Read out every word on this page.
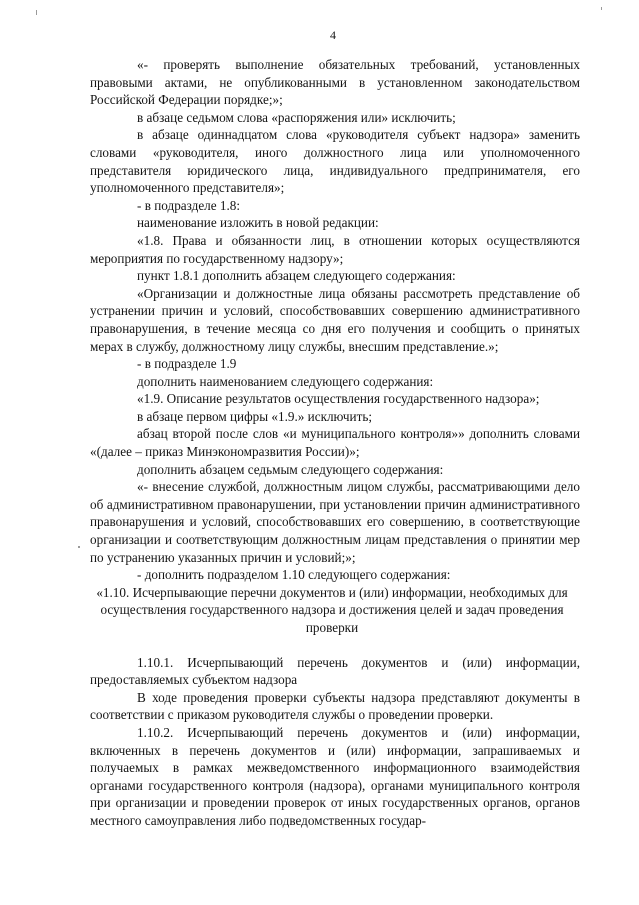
4

«- проверять выполнение обязательных требований, установленных правовыми актами, не опубликованными в установленном законодательством Российской Федерации порядке;»;

в абзаце седьмом слова «распоряжения или» исключить;

в абзаце одиннадцатом слова «руководителя субъект надзора» заменить словами «руководителя, иного должностного лица или уполномоченного представителя юридического лица, индивидуального предпринимателя, его уполномоченного представителя»;

- в подразделе 1.8:

наименование изложить в новой редакции:

«1.8. Права и обязанности лиц, в отношении которых осуществляются мероприятия по государственному надзору»;

пункт 1.8.1 дополнить абзацем следующего содержания:

«Организации и должностные лица обязаны рассмотреть представление об устранении причин и условий, способствовавших совершению административного правонарушения, в течение месяца со дня его получения и сообщить о принятых мерах в службу, должностному лицу службы, внесшим представление.»;

- в подразделе 1.9

дополнить наименованием следующего содержания:

«1.9. Описание результатов осуществления государственного надзора»;

в абзаце первом цифры «1.9.» исключить;

абзац второй после слов «и муниципального контроля»» дополнить словами «(далее – приказ Минэкономразвития России)»;

дополнить абзацем седьмым следующего содержания:

«- внесение службой, должностным лицом службы, рассматривающими дело об административном правонарушении, при установлении причин административного правонарушения и условий, способствовавших его совершению, в соответствующие организации и соответствующим должностным лицам представления о принятии мер по устранению указанных причин и условий;»;

- дополнить подразделом 1.10 следующего содержания:

«1.10. Исчерпывающие перечни документов и (или) информации, необходимых для осуществления государственного надзора и достижения целей и задач проведения проверки

1.10.1. Исчерпывающий перечень документов и (или) информации, предоставляемых субъектом надзора

В ходе проведения проверки субъекты надзора представляют документы в соответствии с приказом руководителя службы о проведении проверки.

1.10.2. Исчерпывающий перечень документов и (или) информации, включенных в перечень документов и (или) информации, запрашиваемых и получаемых в рамках межведомственного информационного взаимодействия органами государственного контроля (надзора), органами муниципального контроля при организации и проведении проверок от иных государственных органов, органов местного самоуправления либо подведомственных государ-
